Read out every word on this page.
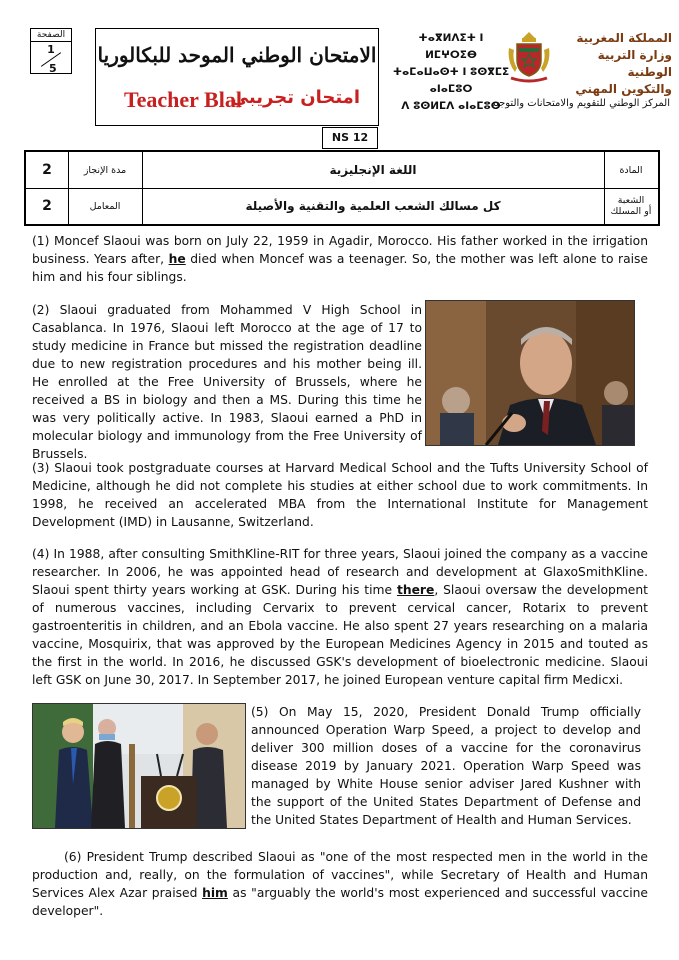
الصفحة
1
5
الامتحان الوطني الموحد للبكالوريا
Teacher Blal
امتحان تجريبي
ⵜⴰⴳⵍⴷⵉⵜ ⵏ ⵍⵎⵖⵔⵉⴱ
ⵜⴰⵎⴰⵡⴰⵙⵜ ⵏ ⵓⵙⴳⵎⵉ ⴰⵏⴰⵎⵓⵔ
ⴷ ⵓⵙⵍⵎⴷ ⴰⵏⴰⵎⵓⵔ
المملكة المغربية
وزارة التربية الوطنية
والتكوين المهني
المركز الوطني للتقويم والامتحانات والتوجيه
NS 12
2	مدة الإنجاز	اللغة الإنجليزية	المادة
2	المعامل	كل مسالك الشعب العلمية والتقنية والأصيلة	الشعبة
أو المسلك

(1) Moncef Slaoui was born on July 22, 1959 in Agadir, Morocco. His father worked in the irrigation business. Years after, he died when Moncef was a teenager. So, the mother was left alone to raise him and his four siblings.

(2) Slaoui graduated from Mohammed V High School in Casablanca. In 1976, Slaoui left Morocco at the age of 17 to study medicine in France but missed the registration deadline due to new registration procedures and his mother being ill. He enrolled at the Free University of Brussels, where he received a BS in biology and then a MS. During this time he was very politically active. In 1983, Slaoui earned a PhD in molecular biology and immunology from the Free University of Brussels.

(3) Slaoui took postgraduate courses at Harvard Medical School and the Tufts University School of Medicine, although he did not complete his studies at either school due to work commitments. In 1998, he received an accelerated MBA from the International Institute for Management Development (IMD) in Lausanne, Switzerland.

(4) In 1988, after consulting SmithKline-RIT for three years, Slaoui joined the company as a vaccine researcher. In 2006, he was appointed head of research and development at GlaxoSmithKline. Slaoui spent thirty years working at GSK. During his time there, Slaoui oversaw the development of numerous vaccines, including Cervarix to prevent cervical cancer, Rotarix to prevent gastroenteritis in children, and an Ebola vaccine. He also spent 27 years researching on a malaria vaccine, Mosquirix, that was approved by the European Medicines Agency in 2015 and touted as the first in the world. In 2016, he discussed GSK's development of bioelectronic medicine. Slaoui left GSK on June 30, 2017. In September 2017, he joined European venture capital firm Medicxi.

(5) On May 15, 2020, President Donald Trump officially announced Operation Warp Speed, a project to develop and deliver 300 million doses of a vaccine for the coronavirus disease 2019 by January 2021. Operation Warp Speed was managed by White House senior adviser Jared Kushner with the support of the United States Department of Defense and the United States Department of Health and Human Services.

(6) President Trump described Slaoui as "one of the most respected men in the world in the production and, really, on the formulation of vaccines", while Secretary of Health and Human Services Alex Azar praised him as "arguably the world's most experienced and successful vaccine developer".
